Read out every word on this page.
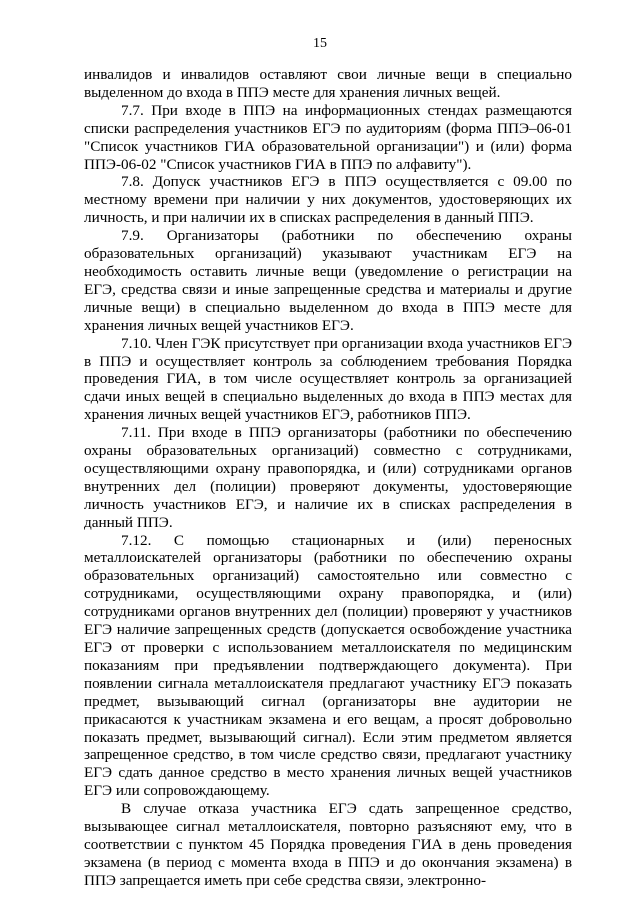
15

инвалидов и инвалидов оставляют свои личные вещи в специально выделенном до входа в ППЭ месте для хранения личных вещей.

7.7. При входе в ППЭ на информационных стендах размещаются списки распределения участников ЕГЭ по аудиториям (форма ППЭ–06-01 "Список участников ГИА образовательной организации") и (или) форма ППЭ-06-02 "Список участников ГИА в ППЭ по алфавиту").

7.8. Допуск участников ЕГЭ в ППЭ осуществляется с 09.00 по местному времени при наличии у них документов, удостоверяющих их личность, и при наличии их в списках распределения в данный ППЭ.

7.9. Организаторы (работники по обеспечению охраны образовательных организаций) указывают участникам ЕГЭ на необходимость оставить личные вещи (уведомление о регистрации на ЕГЭ, средства связи и иные запрещенные средства и материалы и другие личные вещи) в специально выделенном до входа в ППЭ месте для хранения личных вещей участников ЕГЭ.

7.10. Член ГЭК присутствует при организации входа участников ЕГЭ в ППЭ и осуществляет контроль за соблюдением требования Порядка проведения ГИА, в том числе осуществляет контроль за организацией сдачи иных вещей в специально выделенных до входа в ППЭ местах для хранения личных вещей участников ЕГЭ, работников ППЭ.

7.11. При входе в ППЭ организаторы (работники по обеспечению охраны образовательных организаций) совместно с сотрудниками, осуществляющими охрану правопорядка, и (или) сотрудниками органов внутренних дел (полиции) проверяют документы, удостоверяющие личность участников ЕГЭ, и наличие их в списках распределения в данный ППЭ.

7.12. С помощью стационарных и (или) переносных металлоискателей организаторы (работники по обеспечению охраны образовательных организаций) самостоятельно или совместно с сотрудниками, осуществляющими охрану правопорядка, и (или) сотрудниками органов внутренних дел (полиции) проверяют у участников ЕГЭ наличие запрещенных средств (допускается освобождение участника ЕГЭ от проверки с использованием металлоискателя по медицинским показаниям при предъявлении подтверждающего документа). При появлении сигнала металлоискателя предлагают участнику ЕГЭ показать предмет, вызывающий сигнал (организаторы вне аудитории не прикасаются к участникам экзамена и его вещам, а просят добровольно показать предмет, вызывающий сигнал). Если этим предметом является запрещенное средство, в том числе средство связи, предлагают участнику ЕГЭ сдать данное средство в место хранения личных вещей участников ЕГЭ или сопровождающему.

В случае отказа участника ЕГЭ сдать запрещенное средство, вызывающее сигнал металлоискателя, повторно разъясняют ему, что в соответствии с пунктом 45 Порядка проведения ГИА в день проведения экзамена (в период с момента входа в ППЭ и до окончания экзамена) в ППЭ запрещается иметь при себе средства связи, электронно-
